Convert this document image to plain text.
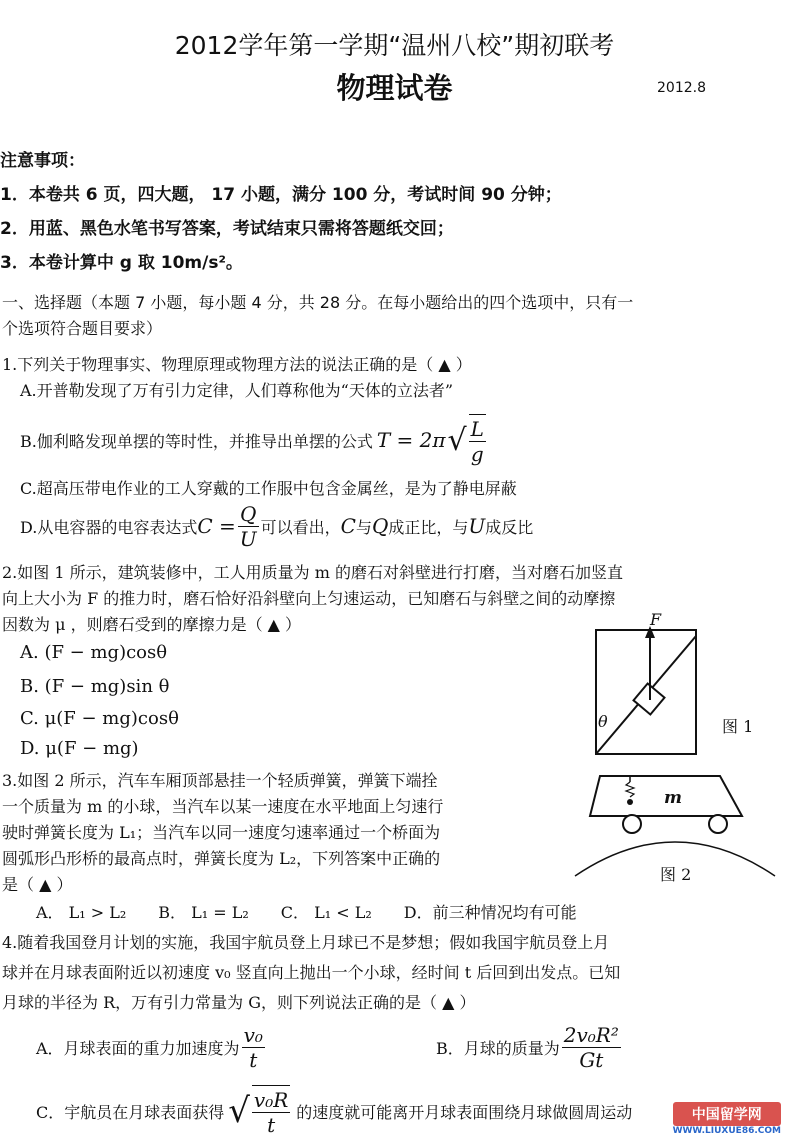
2012学年第一学期“温州八校”期初联考
物理试卷	2012.8
注意事项：
1．本卷共 6 页，四大题， 17 小题，满分 100 分，考试时间 90 分钟；
2．用蓝、黑色水笔书写答案，考试结束只需将答题纸交回；
3．本卷计算中 g 取 10m/s²。
一、选择题（本题 7 小题，每小题 4 分，共 28 分。在每小题给出的四个选项中，只有一
个选项符合题目要求）
1.下列关于物理事实、物理原理或物理方法的说法正确的是（ ▲ ）
A.开普勒发现了万有引力定律，人们尊称他为“天体的立法者”
B.伽利略发现单摆的等时性，并推导出单摆的公式 T = 2π √ $\frac{L}{g}$
C.超高压带电作业的工人穿戴的工作服中包含金属丝，是为了静电屏蔽
D.从电容器的电容表达式 $C = \frac{Q}{U}$ 可以看出， C 与 Q 成正比，与 U 成反比
2.如图 1 所示，建筑装修中，工人用质量为 m 的磨石对斜壁进行打磨，当对磨石加竖直
向上大小为 F 的推力时，磨石恰好沿斜壁向上匀速运动，已知磨石与斜壁之间的动摩擦
因数为 μ ，则磨石受到的摩擦力是（ ▲ ）
A. (F − mg)cosθ
B. (F − mg)sin θ
C. μ(F − mg)cosθ
D. μ(F − mg)
F
θ	图 1
3.如图 2 所示，汽车车厢顶部悬挂一个轻质弹簧，弹簧下端拴
一个质量为 m 的小球，当汽车以某一速度在水平地面上匀速行
驶时弹簧长度为 L₁；当汽车以同一速度匀速率通过一个桥面为
圆弧形凸形桥的最高点时，弹簧长度为 L₂，下列答案中正确的
是（ ▲ ）
A． L₁ > L₂　　B． L₁ = L₂　　C． L₁ < L₂　　D．前三种情况均有可能
m
图 2
4.随着我国登月计划的实施，我国宇航员登上月球已不是梦想；假如我国宇航员登上月
球并在月球表面附近以初速度 v₀ 竖直向上抛出一个小球，经时间 t 后回到出发点。已知
月球的半径为 R，万有引力常量为 G，则下列说法正确的是（ ▲ ）
A．月球表面的重力加速度为 $\frac{\text{v₀}}{t}$	B．月球的质量为 $\frac{\text{2v₀R²}}{Gt}$
C．宇航员在月球表面获得 √ $\frac{\text{v₀R}}{t}$ 的速度就可能离开月球表面围绕月球做圆周运动	中国留学网
WWW.LIUXUE86.COM
